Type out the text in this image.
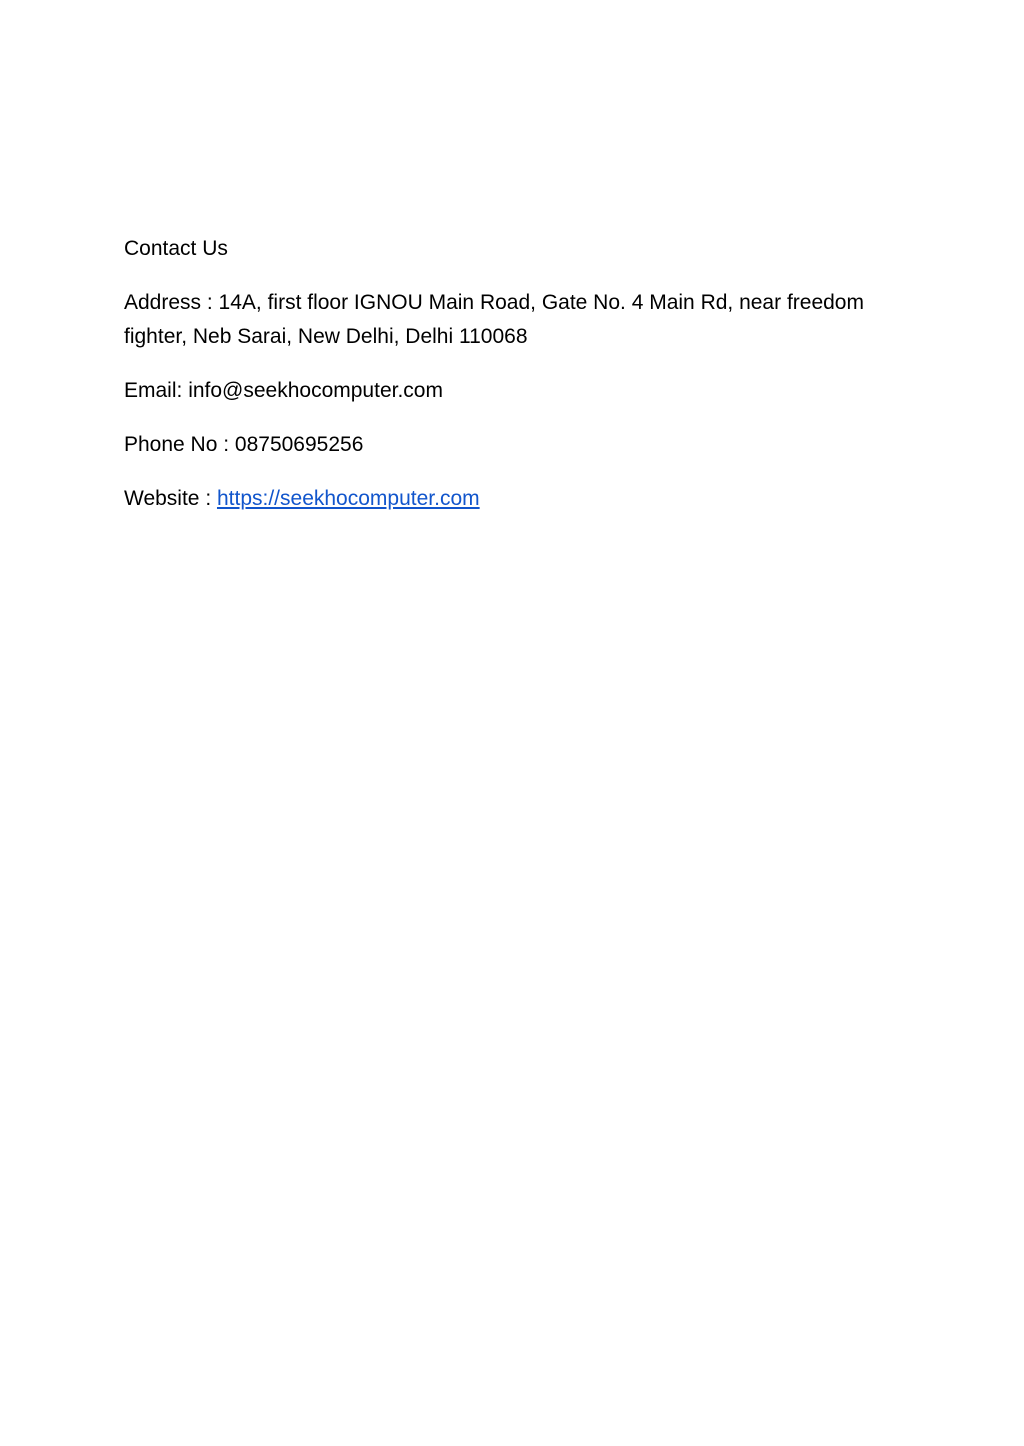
Contact Us

Address : 14A, first floor IGNOU Main Road, Gate No. 4 Main Rd, near freedom fighter, Neb Sarai, New Delhi, Delhi 110068

Email: info@seekhocomputer.com

Phone No : 08750695256

Website : https://seekhocomputer.com
